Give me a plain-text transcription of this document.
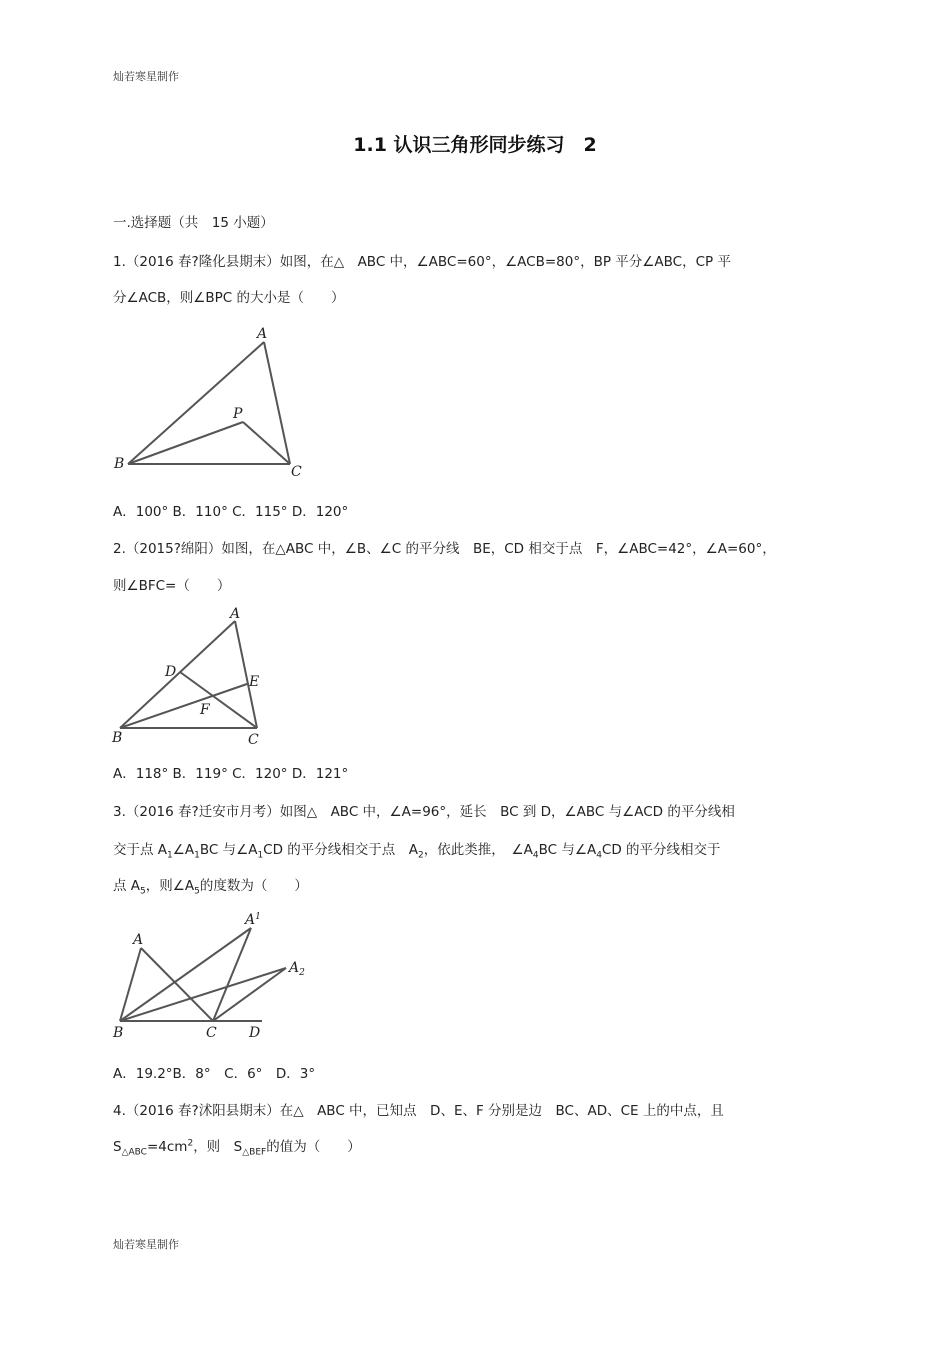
灿若寒星制作
1.1 认识三角形同步练习　2
一.选择题（共　15 小题）
1.（2016 春?隆化县期末）如图，在△　ABC 中，∠ABC=60°，∠ACB=80°，BP 平分∠ABC，CP 平
分∠ACB，则∠BPC 的大小是（　　）
A
B	C
P
A．100° B．110° C．115° D．120°
2.（2015?绵阳）如图，在△ABC 中，∠B、∠C 的平分线　BE，CD 相交于点　F，∠ABC=42°，∠A=60°，
则∠BFC=（　　）
A
B	C
D
E
F
A．118° B．119° C．120° D．121°
3.（2016 春?迁安市月考）如图△　ABC 中，∠A=96°，延长　BC 到 D，∠ABC 与∠ACD 的平分线相
交于点 $A_1\angle A_1BC$ 与$\angle A_1CD$ 的平分线相交于点　$A_2$，依此类推，　$\angle A_4BC$ 与$\angle A_4CD$ 的平分线相交于
点 $A_5$，则$\angle A_5$的度数为（　　）
A
$A^1$
$A_2$
B	C D
A．19.2°B．8°　C．6°　D．3°
4.（2016 春?沭阳县期末）在△　ABC 中，已知点　D、E、F 分别是边　BC、AD、CE 上的中点，且
$S_{\triangle ABC}=4cm^2$，则　$S_{\triangle BEF}$的值为（　　）
灿若寒星制作
